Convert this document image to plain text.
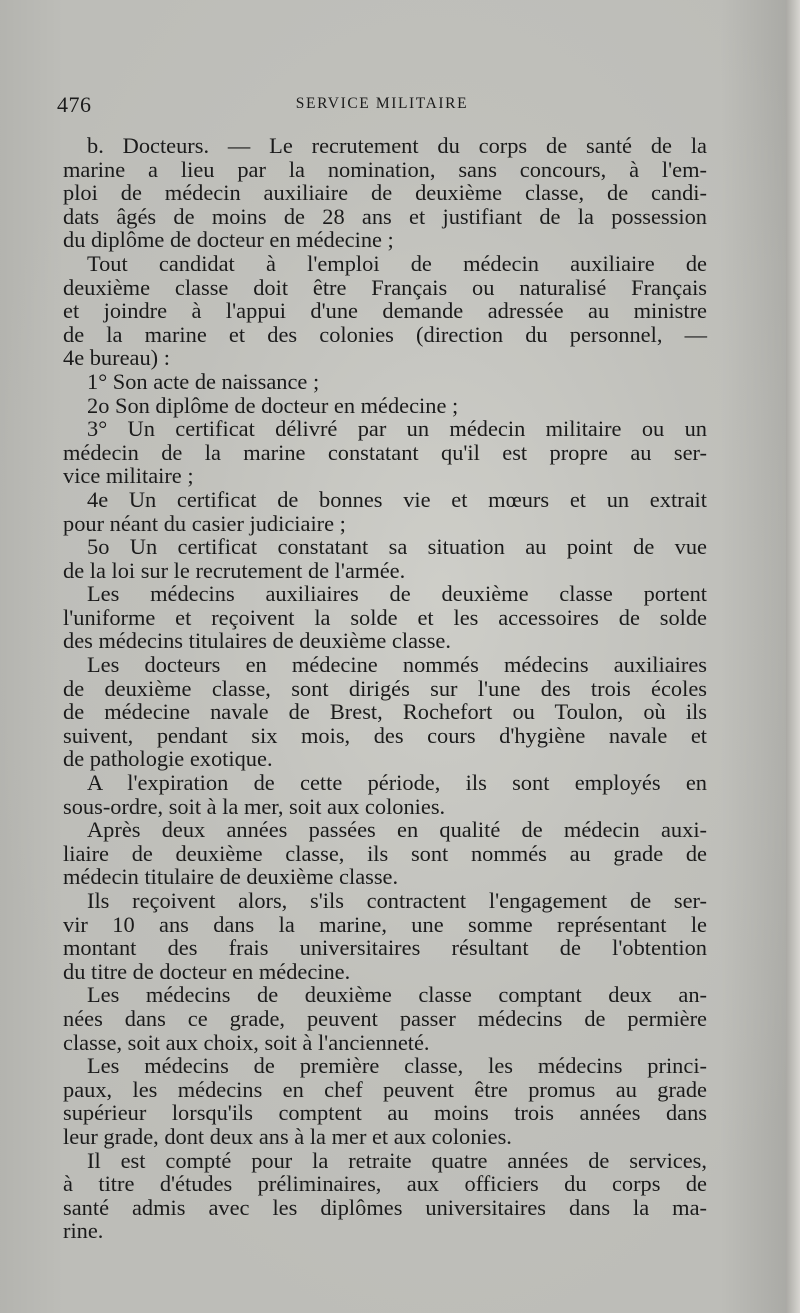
476	SERVICE MILITAIRE
b. Docteurs. — Le recrutement du corps de santé de la
marine a lieu par la nomination, sans concours, à l'em-
ploi de médecin auxiliaire de deuxième classe, de candi-
dats âgés de moins de 28 ans et justifiant de la possession
du diplôme de docteur en médecine ;
Tout candidat à l'emploi de médecin auxiliaire de
deuxième classe doit être Français ou naturalisé Français
et joindre à l'appui d'une demande adressée au ministre
de la marine et des colonies (direction du personnel, —
4e bureau) :
1° Son acte de naissance ;
2o Son diplôme de docteur en médecine ;
3° Un certificat délivré par un médecin militaire ou un
médecin de la marine constatant qu'il est propre au ser-
vice militaire ;
4e Un certificat de bonnes vie et mœurs et un extrait
pour néant du casier judiciaire ;
5o Un certificat constatant sa situation au point de vue
de la loi sur le recrutement de l'armée.
Les médecins auxiliaires de deuxième classe portent
l'uniforme et reçoivent la solde et les accessoires de solde
des médecins titulaires de deuxième classe.
Les docteurs en médecine nommés médecins auxiliaires
de deuxième classe, sont dirigés sur l'une des trois écoles
de médecine navale de Brest, Rochefort ou Toulon, où ils
suivent, pendant six mois, des cours d'hygiène navale et
de pathologie exotique.
A l'expiration de cette période, ils sont employés en
sous-ordre, soit à la mer, soit aux colonies.
Après deux années passées en qualité de médecin auxi-
liaire de deuxième classe, ils sont nommés au grade de
médecin titulaire de deuxième classe.
Ils reçoivent alors, s'ils contractent l'engagement de ser-
vir 10 ans dans la marine, une somme représentant le
montant des frais universitaires résultant de l'obtention
du titre de docteur en médecine.
Les médecins de deuxième classe comptant deux an-
nées dans ce grade, peuvent passer médecins de permière
classe, soit aux choix, soit à l'ancienneté.
Les médecins de première classe, les médecins princi-
paux, les médecins en chef peuvent être promus au grade
supérieur lorsqu'ils comptent au moins trois années dans
leur grade, dont deux ans à la mer et aux colonies.
Il est compté pour la retraite quatre années de services,
à titre d'études préliminaires, aux officiers du corps de
santé admis avec les diplômes universitaires dans la ma-
rine.
